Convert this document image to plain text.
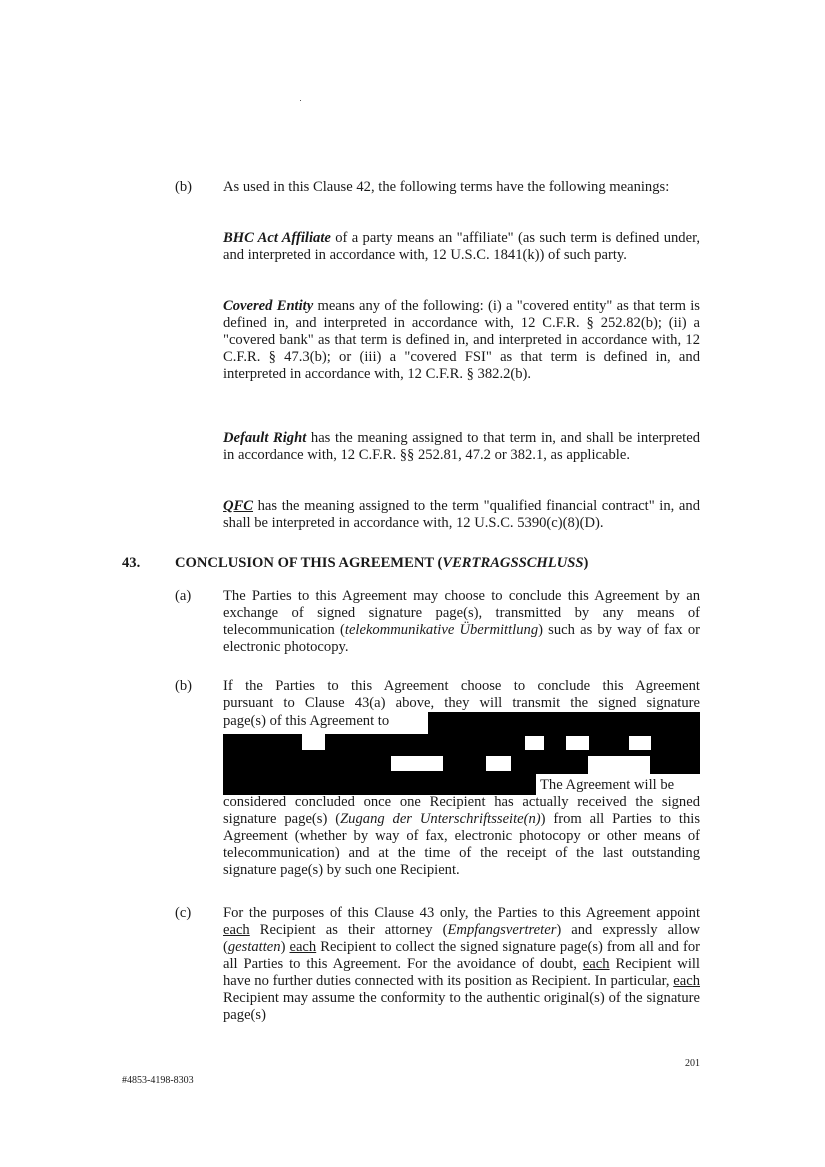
(b) As used in this Clause 42, the following terms have the following meanings:
BHC Act Affiliate of a party means an "affiliate" (as such term is defined under, and interpreted in accordance with, 12 U.S.C. 1841(k)) of such party.
Covered Entity means any of the following: (i) a "covered entity" as that term is defined in, and interpreted in accordance with, 12 C.F.R. § 252.82(b); (ii) a "covered bank" as that term is defined in, and interpreted in accordance with, 12 C.F.R. § 47.3(b); or (iii) a "covered FSI" as that term is defined in, and interpreted in accordance with, 12 C.F.R. § 382.2(b).
Default Right has the meaning assigned to that term in, and shall be interpreted in accordance with, 12 C.F.R. §§ 252.81, 47.2 or 382.1, as applicable.
QFC has the meaning assigned to the term "qualified financial contract" in, and shall be interpreted in accordance with, 12 U.S.C. 5390(c)(8)(D).
43. CONCLUSION OF THIS AGREEMENT (VERTRAGSSCHLUSS)
(a) The Parties to this Agreement may choose to conclude this Agreement by an exchange of signed signature page(s), transmitted by any means of telecommunication (telekommunikative Übermittlung) such as by way of fax or electronic photocopy.
(b) If the Parties to this Agreement choose to conclude this Agreement
pursuant to Clause 43(a) above, they will transmit the signed signature
page(s) of this Agreement to
The Agreement will be
considered concluded once one Recipient has actually received the signed signature page(s) (Zugang der Unterschriftsseite(n)) from all Parties to this Agreement (whether by way of fax, electronic photocopy or other means of telecommunication) and at the time of the receipt of the last outstanding signature page(s) by such one Recipient.
(c) For the purposes of this Clause 43 only, the Parties to this Agreement appoint each Recipient as their attorney (Empfangsvertreter) and expressly allow (gestatten) each Recipient to collect the signed signature page(s) from all and for all Parties to this Agreement. For the avoidance of doubt, each Recipient will have no further duties connected with its position as Recipient. In particular, each Recipient may assume the conformity to the authentic original(s) of the signature page(s)
201
#4853-4198-8303
